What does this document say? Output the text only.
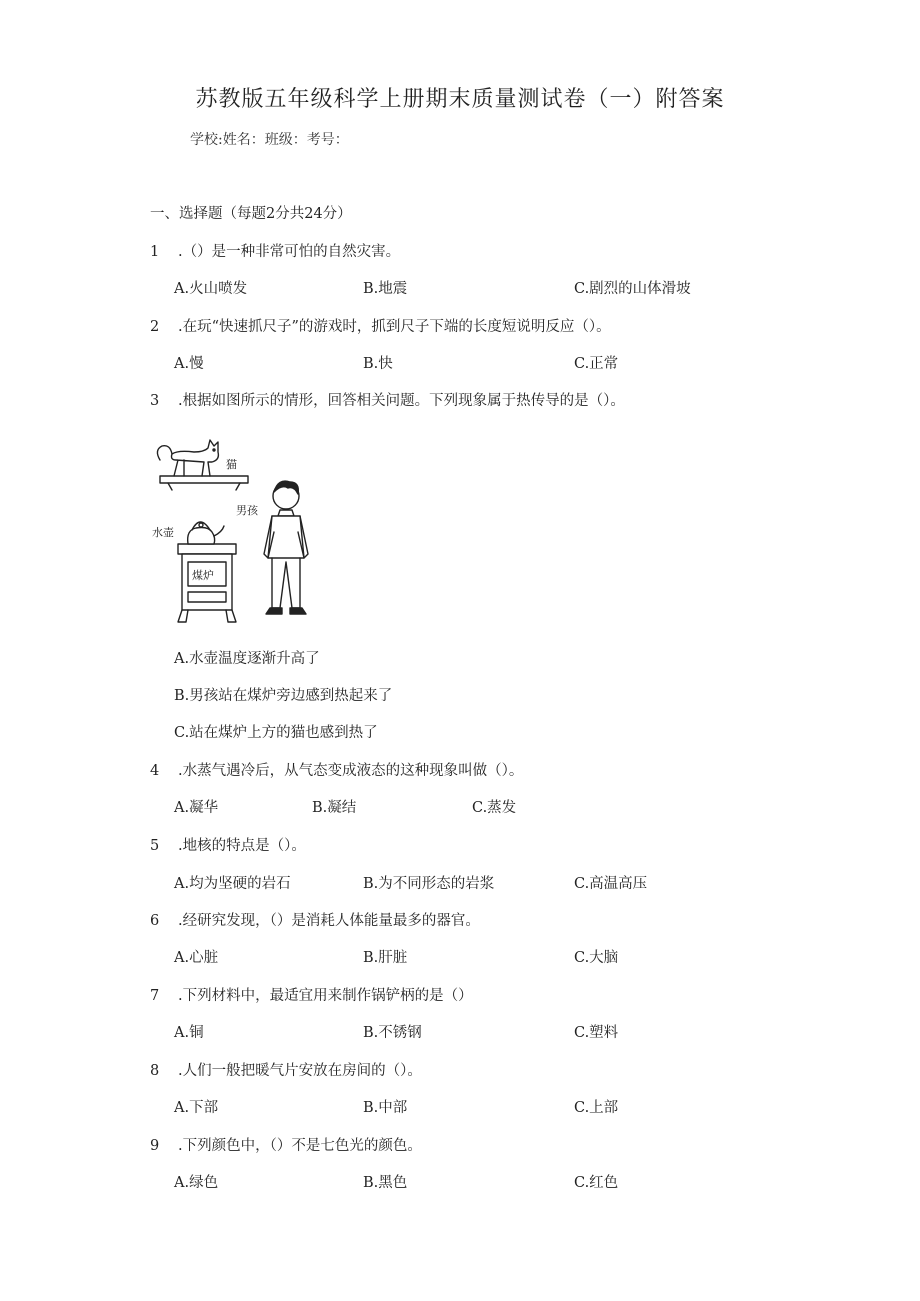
苏教版五年级科学上册期末质量测试卷（一）附答案
学校:姓名：班级：考号：
一、选择题（每题2分共24分）
1 .（）是一种非常可怕的自然灾害。
A.火山喷发	B.地震	C.剧烈的山体滑坡
2 .在玩“快速抓尺子”的游戏时，抓到尺子下端的长度短说明反应（）。
A.慢	B.快	C.正常
3 .根据如图所示的情形，回答相关问题。下列现象属于热传导的是（）。
猫
男孩
水壶
煤炉
A.水壶温度逐渐升高了
B.男孩站在煤炉旁边感到热起来了
C.站在煤炉上方的猫也感到热了
4 .水蒸气遇冷后，从气态变成液态的这种现象叫做（）。
A.凝华	B.凝结	C.蒸发
5 .地核的特点是（）。
A.均为坚硬的岩石	B.为不同形态的岩浆	C.高温高压
6 .经研究发现，（）是消耗人体能量最多的器官。
A.心脏	B.肝脏	C.大脑
7 .下列材料中，最适宜用来制作锅铲柄的是（）
A.铜	B.不锈钢	C.塑料
8 .人们一般把暖气片安放在房间的（）。
A.下部	B.中部	C.上部
9 .下列颜色中，（）不是七色光的颜色。
A.绿色	B.黑色	C.红色
